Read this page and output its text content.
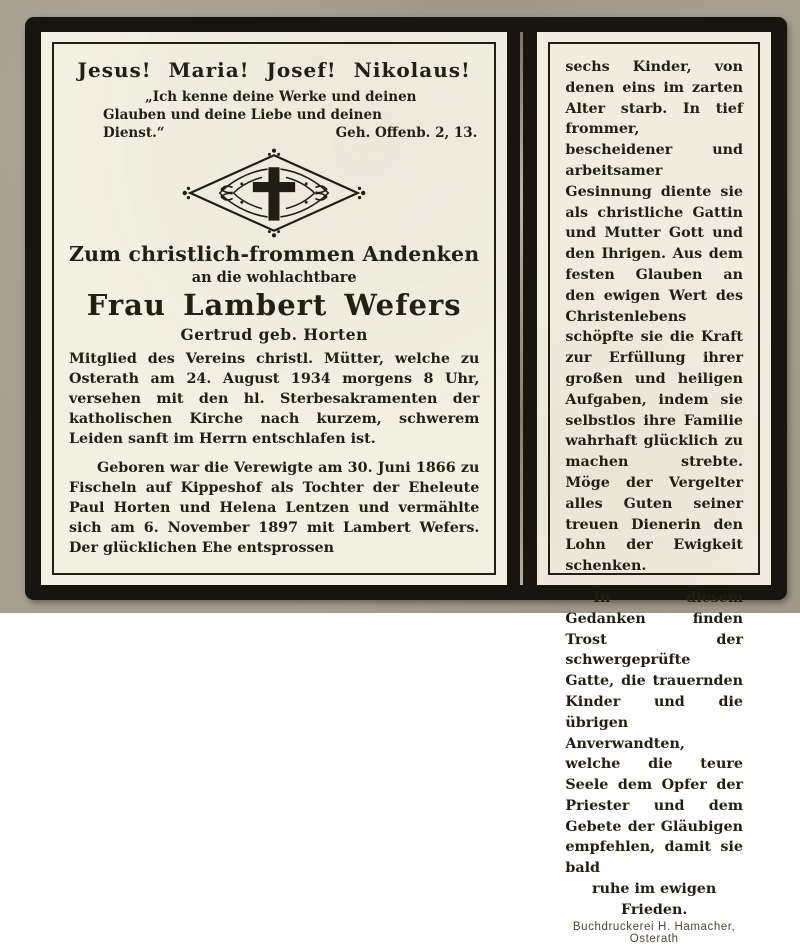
Jesus! Maria! Josef! Nikolaus!
„Ich kenne deine Werke und deinen
Glauben und deine Liebe und deinen
Dienst.“	Geh. Offenb. 2, 13.
Zum christlich-frommen Andenken
an die wohlachtbare
Frau Lambert Wefers
Gertrud geb. Horten
Mitglied des Vereins christl. Mütter, welche zu Osterath am 24. August 1934 morgens 8 Uhr, versehen mit den hl. Sterbesakramenten der katholischen Kirche nach kurzem, schwerem Leiden sanft im Herrn entschlafen ist.
Geboren war die Verewigte am 30. Juni 1866 zu Fischeln auf Kippeshof als Tochter der Eheleute Paul Horten und Helena Lentzen und vermählte sich am 6. November 1897 mit Lambert Wefers. Der glücklichen Ehe entsprossen
sechs Kinder, von denen eins im zarten Alter starb. In tief frommer, bescheidener und arbeitsamer Gesinnung diente sie als christliche Gattin und Mutter Gott und den Ihrigen. Aus dem festen Glauben an den ewigen Wert des Christenlebens schöpfte sie die Kraft zur Erfüllung ihrer großen und heiligen Aufgaben, indem sie selbstlos ihre Familie wahrhaft glücklich zu machen strebte. Möge der Vergelter alles Guten seiner treuen Dienerin den Lohn der Ewigkeit schenken.
In diesem Gedanken finden Trost der schwergeprüfte Gatte, die trauernden Kinder und die übrigen Anverwandten, welche die teure Seele dem Opfer der Priester und dem Gebete der Gläubigen empfehlen, damit sie bald
ruhe im ewigen Frieden.
Buchdruckerei H. Hamacher, Osterath
